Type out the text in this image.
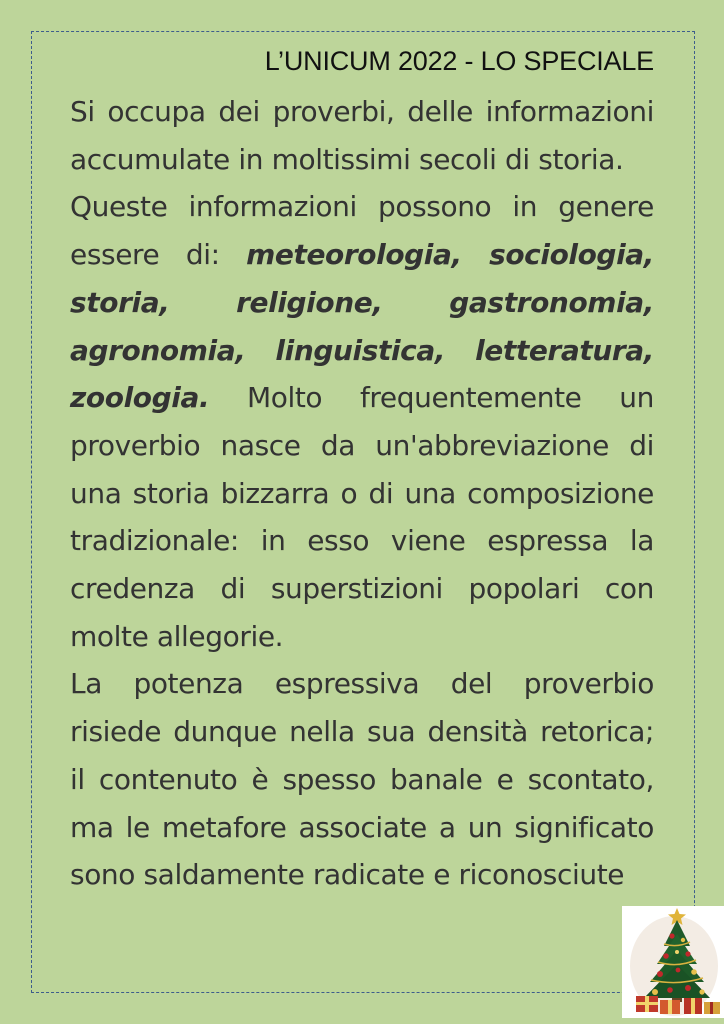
L’UNICUM 2022 - LO SPECIALE

Si occupa dei proverbi, delle informazioni accumulate in moltissimi secoli di storia.

Queste informazioni possono in genere essere di: meteorologia, sociologia, storia, religione, gastronomia, agronomia, linguistica, letteratura, zoologia. Molto frequentemente un proverbio nasce da un'abbreviazione di una storia bizzarra o di una composizione tradizionale: in esso viene espressa la credenza di superstizioni popolari con molte allegorie.

La potenza espressiva del proverbio risiede dunque nella sua densità retorica; il contenuto è spesso banale e scontato, ma le metafore associate a un significato sono saldamente radicate e riconosciute
